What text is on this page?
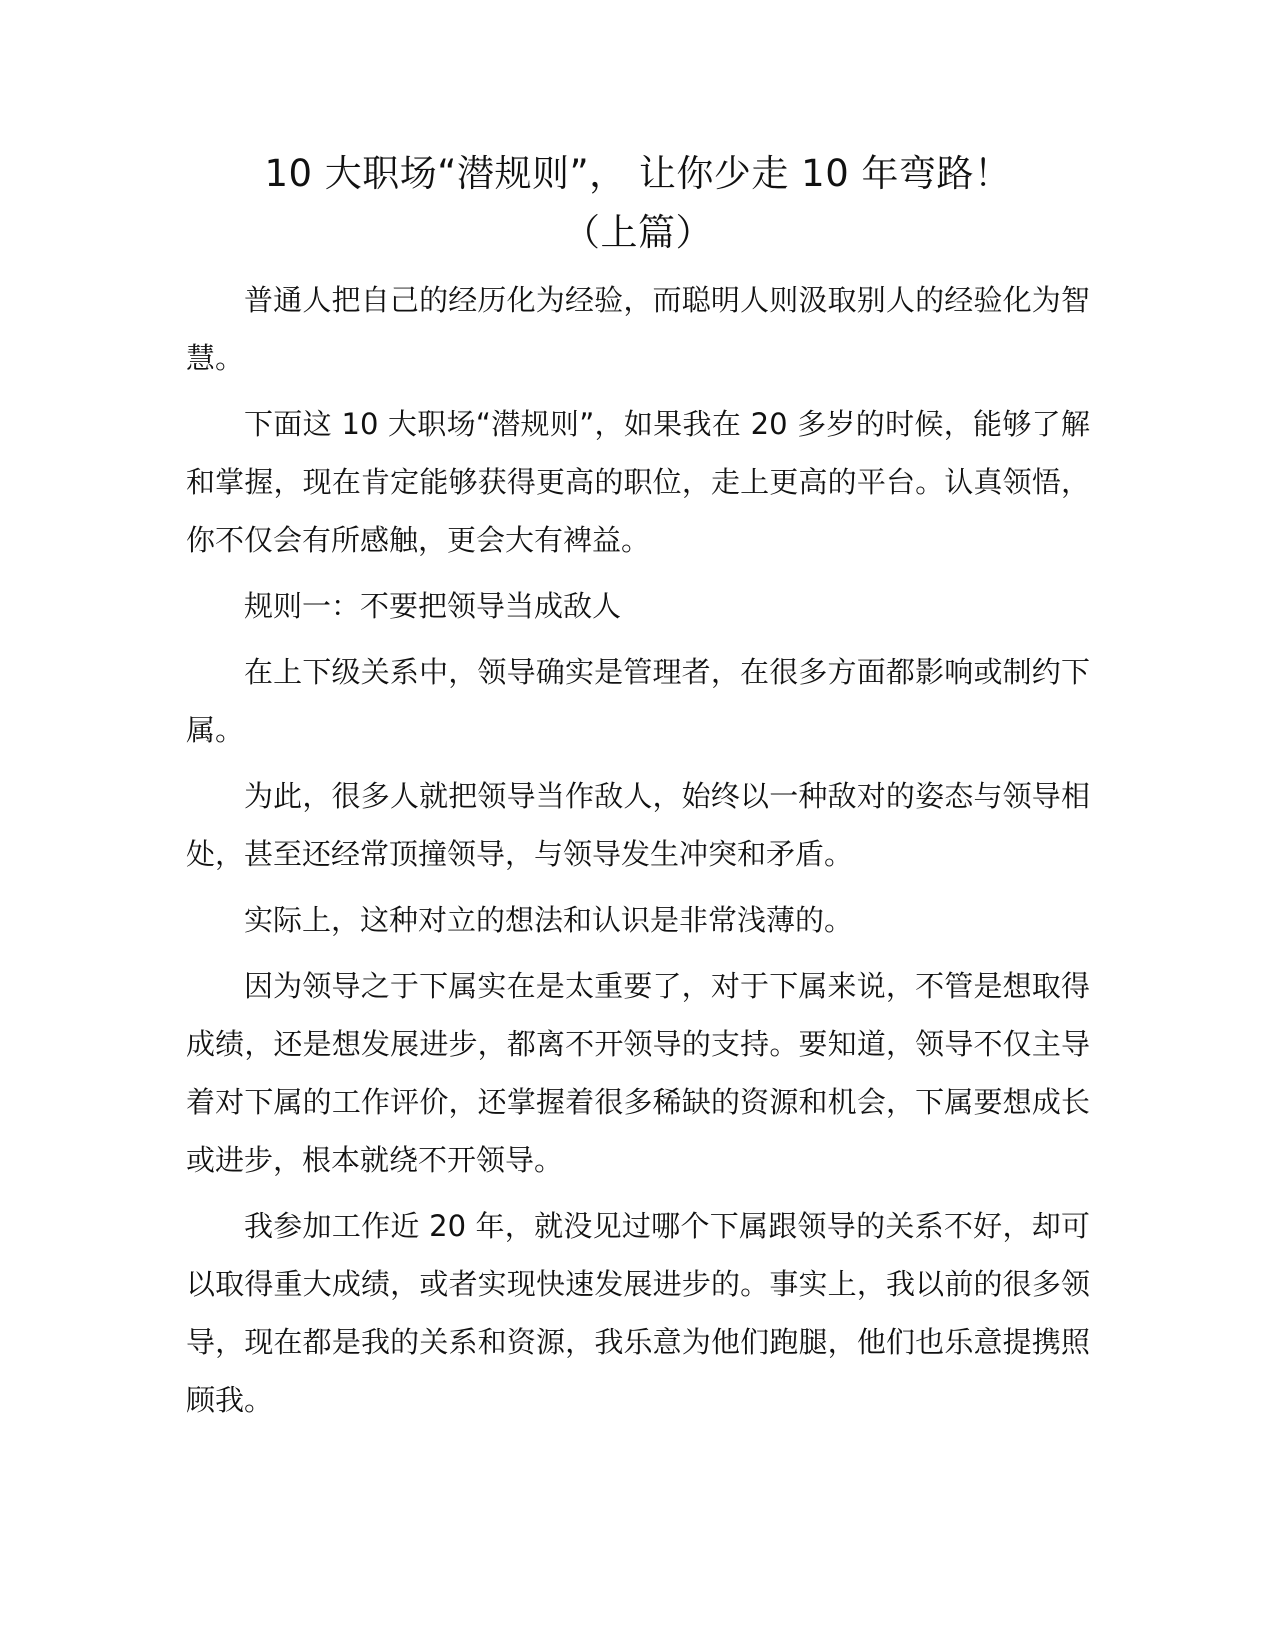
10 大职场“潜规则”， 让你少走 10 年弯路！
（上篇）

普通人把自己的经历化为经验，而聪明人则汲取别人的经验化为智慧。

下面这 10 大职场“潜规则”，如果我在 20 多岁的时候，能够了解和掌握，现在肯定能够获得更高的职位，走上更高的平台。认真领悟，你不仅会有所感触，更会大有裨益。

规则一：不要把领导当成敌人

在上下级关系中，领导确实是管理者，在很多方面都影响或制约下属。

为此，很多人就把领导当作敌人，始终以一种敌对的姿态与领导相处，甚至还经常顶撞领导，与领导发生冲突和矛盾。

实际上，这种对立的想法和认识是非常浅薄的。

因为领导之于下属实在是太重要了，对于下属来说，不管是想取得成绩，还是想发展进步，都离不开领导的支持。要知道，领导不仅主导着对下属的工作评价，还掌握着很多稀缺的资源和机会，下属要想成长或进步，根本就绕不开领导。

我参加工作近 20 年，就没见过哪个下属跟领导的关系不好，却可以取得重大成绩，或者实现快速发展进步的。事实上，我以前的很多领导，现在都是我的关系和资源，我乐意为他们跑腿，他们也乐意提携照顾我。
